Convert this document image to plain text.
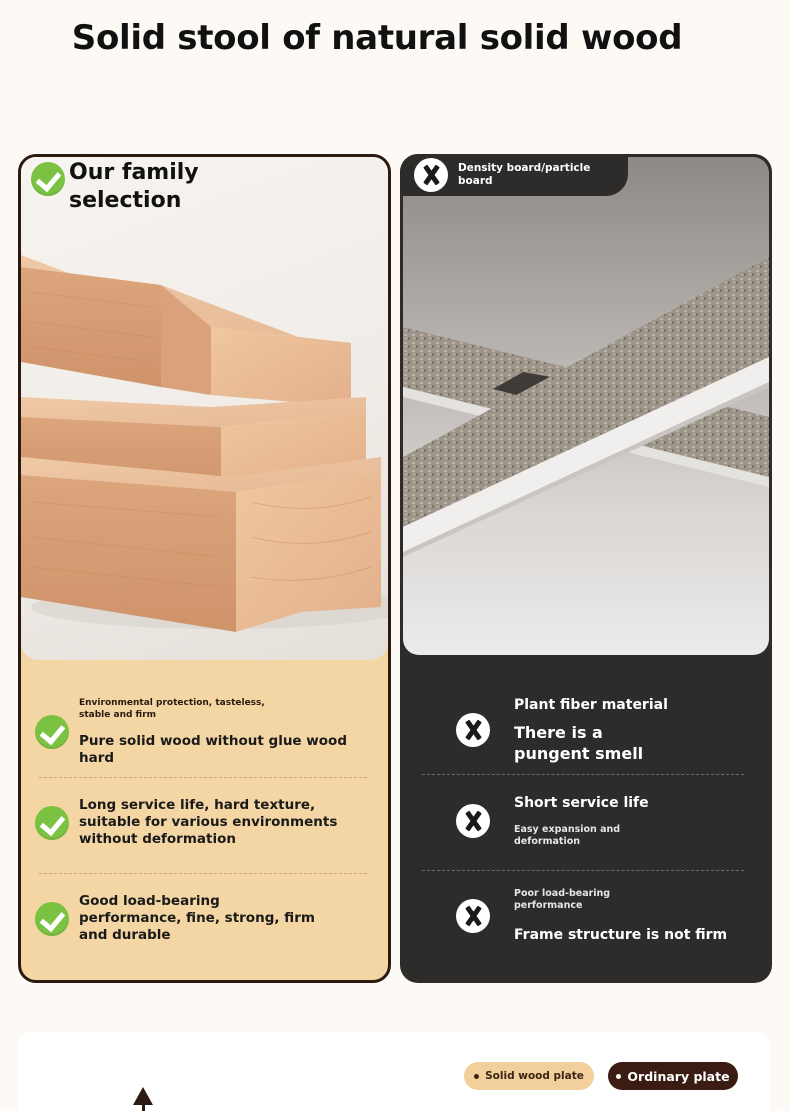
Solid stool of natural solid wood
Our family selection
Environmental protection, tasteless, stable and firm
Pure solid wood without glue wood hard
Long service life, hard texture, suitable for various environments without deformation
Good load-bearing performance, fine, strong, firm and durable
Density board/particle board
Plant fiber material
There is a pungent smell
Short service life
Easy expansion and deformation
Poor load-bearing performance
Frame structure is not firm
Solid wood plate	Ordinary plate
